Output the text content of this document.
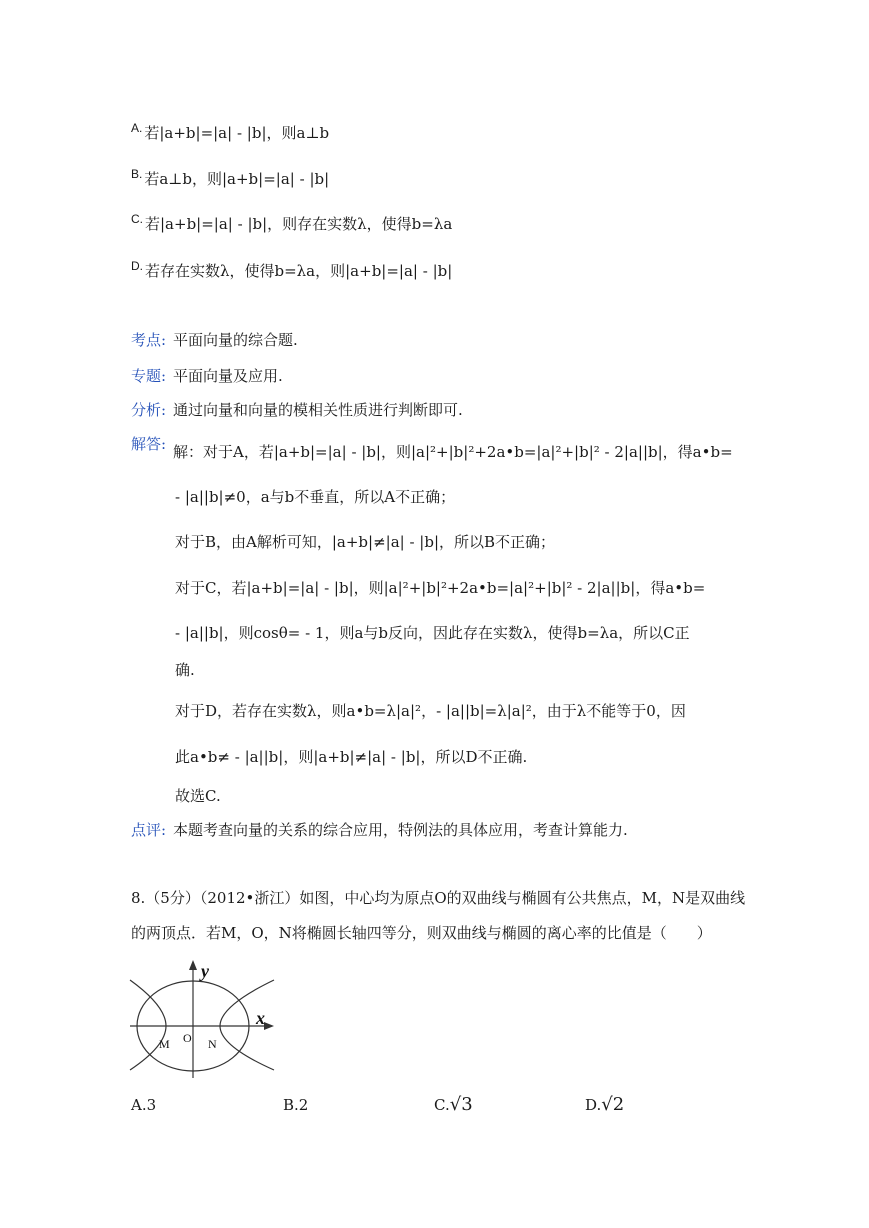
$^{A.}$ 若|a+b|=|a| - |b|，则a⊥b
$^{B.}$ 若a⊥b，则|a+b|=|a| - |b|
$^{C.}$ 若|a+b|=|a| - |b|，则存在实数λ，使得b=λa
$^{D.}$ 若存在实数λ，使得b=λa，则|a+b|=|a| - |b|
考点: 平面向量的综合题.
专题: 平面向量及应用.
分析: 通过向量和向量的模相关性质进行判断即可.
解答: 解：对于A，若|a+b|=|a| - |b|，则|a|²+|b|²+2a•b=|a|²+|b|² - 2|a||b|，得a•b=
- |a||b|≠0，a与b不垂直，所以A不正确；
对于B，由A解析可知，|a+b|≠|a| - |b|，所以B不正确；
对于C，若|a+b|=|a| - |b|，则|a|²+|b|²+2a•b=|a|²+|b|² - 2|a||b|，得a•b=
- |a||b|，则cosθ= - 1，则a与b反向，因此存在实数λ，使得b=λa，所以C正
确.
对于D，若存在实数λ，则a•b=λ|a|²，- |a||b|=λ|a|²，由于λ不能等于0，因
此a•b≠ - |a||b|，则|a+b|≠|a| - |b|，所以D不正确.
故选C.
点评: 本题考查向量的关系的综合应用，特例法的具体应用，考查计算能力.
8.（5分）（2012•浙江）如图，中心均为原点O的双曲线与椭圆有公共焦点，M，N是双曲线
的两顶点．若M，O，N将椭圆长轴四等分，则双曲线与椭圆的离心率的比值是（　　）
y
x
O
M	N
A.3	B.2	C.√3	D.√2
